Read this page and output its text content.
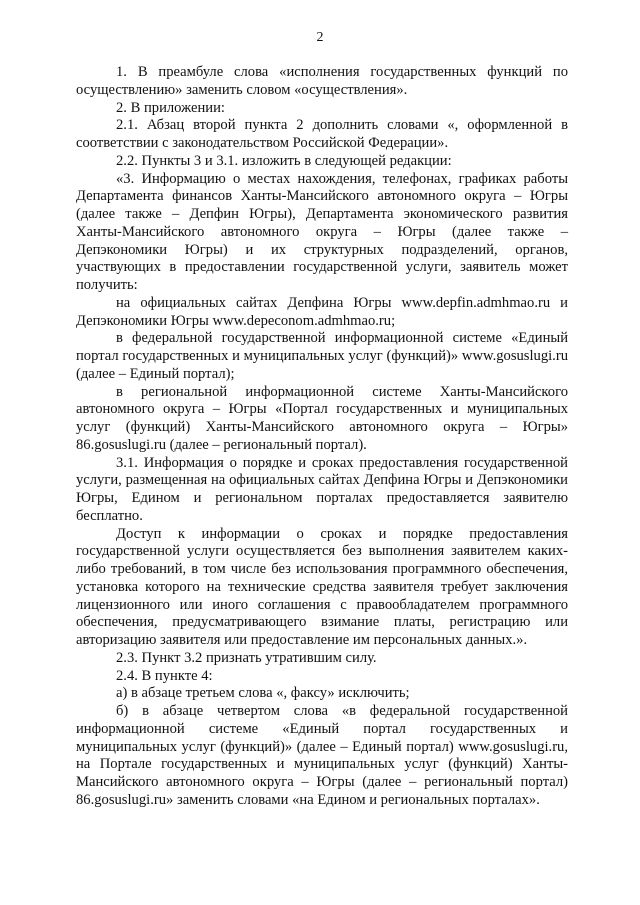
2

1. В преамбуле слова «исполнения государственных функций по осуществлению» заменить словом «осуществления».

2. В приложении:

2.1. Абзац второй пункта 2 дополнить словами «, оформленной в соответствии с законодательством Российской Федерации».

2.2. Пункты 3 и 3.1. изложить в следующей редакции:

«3. Информацию о местах нахождения, телефонах, графиках работы Департамента финансов Ханты-Мансийского автономного округа – Югры (далее также – Депфин Югры), Департамента экономического развития Ханты-Мансийского автономного округа – Югры (далее также – Депэкономики Югры) и их структурных подразделений, органов, участвующих в предоставлении государственной услуги, заявитель может получить:

на официальных сайтах Депфина Югры www.depfin.admhmao.ru и Депэкономики Югры www.depeconom.admhmao.ru;

в федеральной государственной информационной системе «Единый портал государственных и муниципальных услуг (функций)» www.gosuslugi.ru (далее – Единый портал);

в региональной информационной системе Ханты-Мансийского автономного округа – Югры «Портал государственных и муниципальных услуг (функций) Ханты-Мансийского автономного округа – Югры» 86.gosuslugi.ru (далее – региональный портал).

3.1. Информация о порядке и сроках предоставления государственной услуги, размещенная на официальных сайтах Депфина Югры и Депэкономики Югры, Едином и региональном порталах предоставляется заявителю бесплатно.

Доступ к информации о сроках и порядке предоставления государственной услуги осуществляется без выполнения заявителем каких-либо требований, в том числе без использования программного обеспечения, установка которого на технические средства заявителя требует заключения лицензионного или иного соглашения с правообладателем программного обеспечения, предусматривающего взимание платы, регистрацию или авторизацию заявителя или предоставление им персональных данных.».

2.3. Пункт 3.2 признать утратившим силу.

2.4. В пункте 4:

а) в абзаце третьем слова «, факсу» исключить;

б) в абзаце четвертом слова «в федеральной государственной информационной системе «Единый портал государственных и муниципальных услуг (функций)» (далее – Единый портал) www.gosuslugi.ru, на Портале государственных и муниципальных услуг (функций) Ханты-Мансийского автономного округа – Югры (далее – региональный портал) 86.gosuslugi.ru» заменить словами «на Едином и региональных порталах».
